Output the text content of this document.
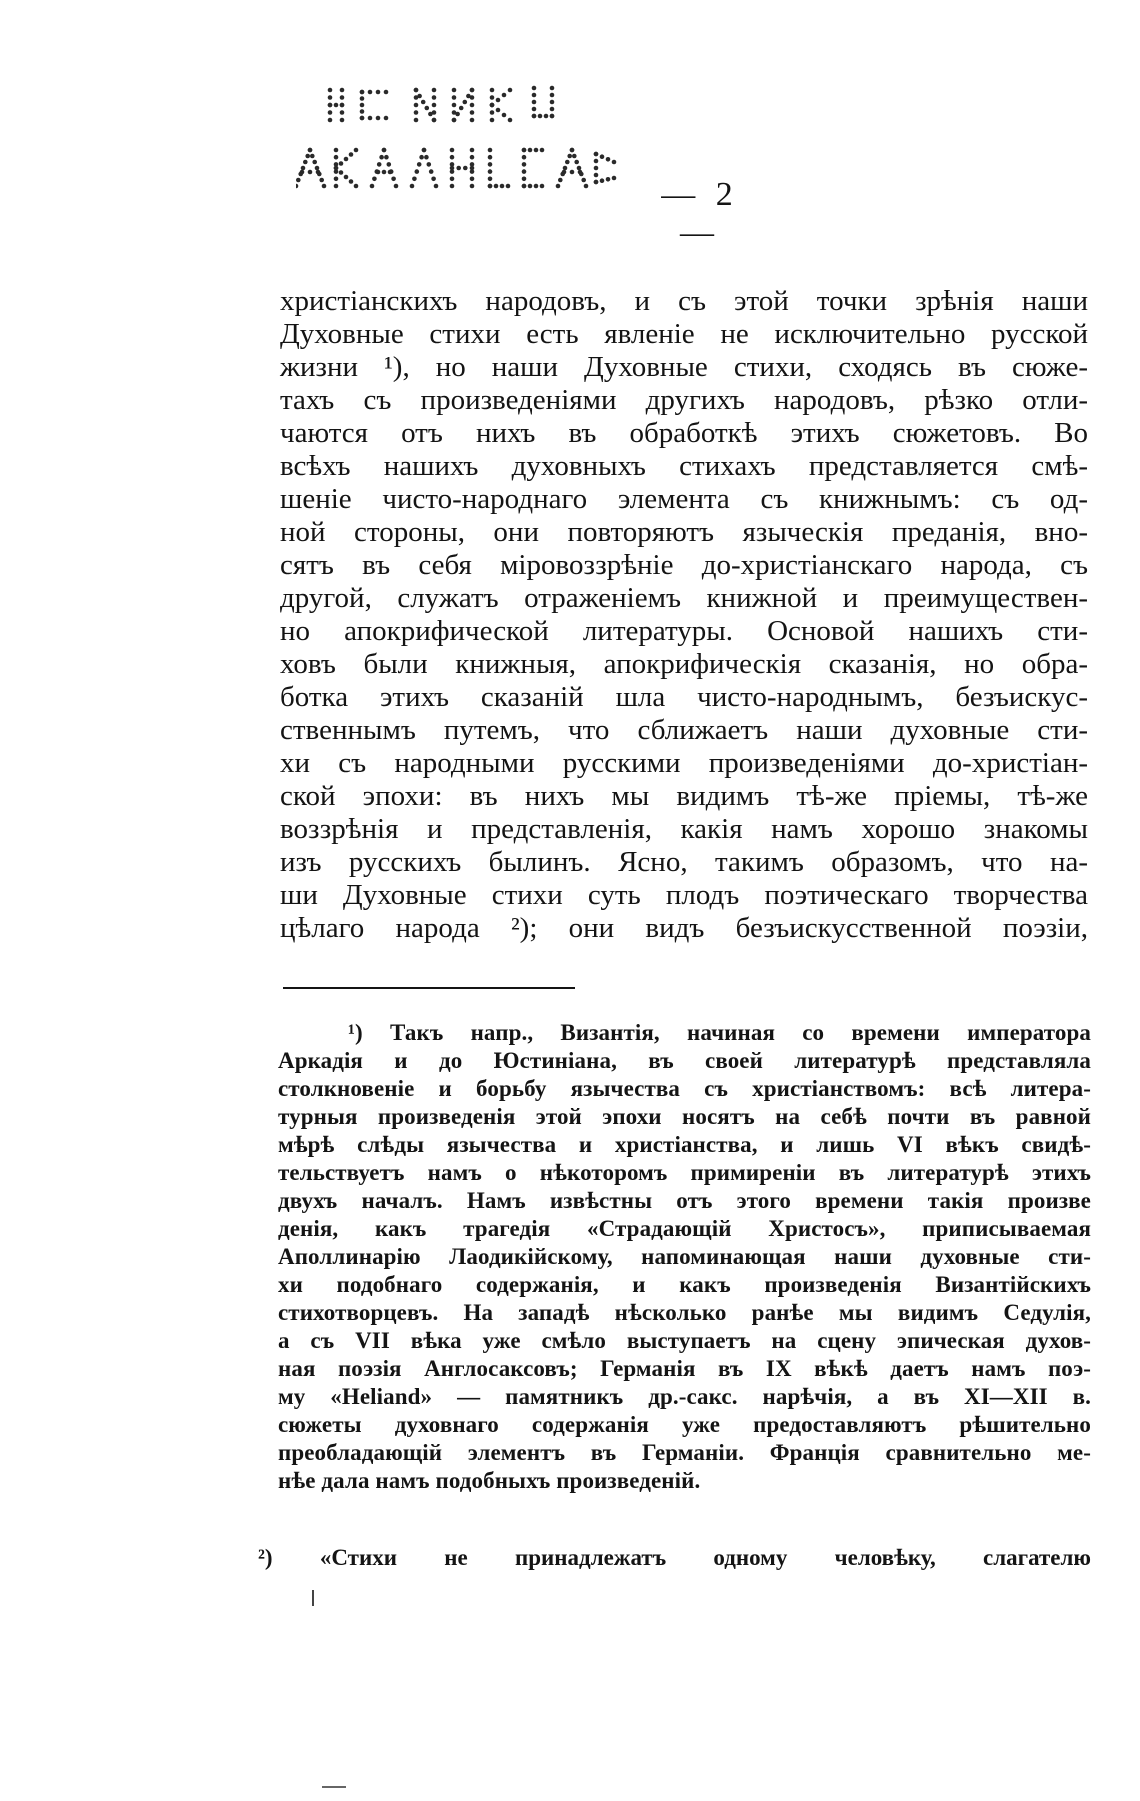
— 2 —
христіанскихъ народовъ, и съ этой точки зрѣнія наши
Духовные стихи есть явленіе не исключительно русской
жизни ¹), но наши Духовные стихи, сходясь въ сюже-
тахъ съ произведеніями другихъ народовъ, рѣзко отли-
чаются отъ нихъ въ обработкѣ этихъ сюжетовъ. Во
всѣхъ нашихъ духовныхъ стихахъ представляется смѣ-
шеніе чисто-народнаго элемента съ книжнымъ: съ од-
ной стороны, они повторяютъ языческія преданія, вно-
сятъ въ себя міровоззрѣніе до-христіанскаго народа, съ
другой, служатъ отраженіемъ книжной и преимуществен-
но апокрифической литературы. Основой нашихъ сти-
ховъ были книжныя, апокрифическія сказанія, но обра-
ботка этихъ сказаній шла чисто-народнымъ, безъискус-
ственнымъ путемъ, что сближаетъ наши духовные сти-
хи съ народными русскими произведеніями до-христіан-
ской эпохи: въ нихъ мы видимъ тѣ-же пріемы, тѣ-же
воззрѣнія и представленія, какія намъ хорошо знакомы
изъ русскихъ былинъ. Ясно, такимъ образомъ, что на-
ши Духовные стихи суть плодъ поэтическаго творчества
цѣлаго народа ²); они видъ безъискусственной поэзіи,
¹) Такъ напр., Византія, начиная со времени императора
Аркадія и до Юстиніана, въ своей литературѣ представляла
столкновеніе и борьбу язычества съ христіанствомъ: всѣ литера-
турныя произведенія этой эпохи носятъ на себѣ почти въ равной
мѣрѣ слѣды язычества и христіанства, и лишь VI вѣкъ свидѣ-
тельствуетъ намъ о нѣкоторомъ примиреніи въ литературѣ этихъ
двухъ началъ. Намъ извѣстны отъ этого времени такія произве
денія, какъ трагедія «Страдающій Христосъ», приписываемая
Аполлинарію Лаодикійскому, напоминающая наши духовные сти-
хи подобнаго содержанія, и какъ произведенія Византійскихъ
стихотворцевъ. На западѣ нѣсколько ранѣе мы видимъ Седулія,
а съ VII вѣка уже смѣло выступаетъ на сцену эпическая духов-
ная поэзія Англосаксовъ; Германія въ IX вѣкѣ даетъ намъ поэ-
му «Heliand» — памятникъ др.-сакс. нарѣчія, а въ XI—XII в.
сюжеты духовнаго содержанія уже предоставляютъ рѣшительно
преобладающій элементъ въ Германіи. Франція сравнительно ме-
нѣе дала намъ подобныхъ произведеній.
²) «Стихи не принадлежатъ одному человѣку, слагателю
